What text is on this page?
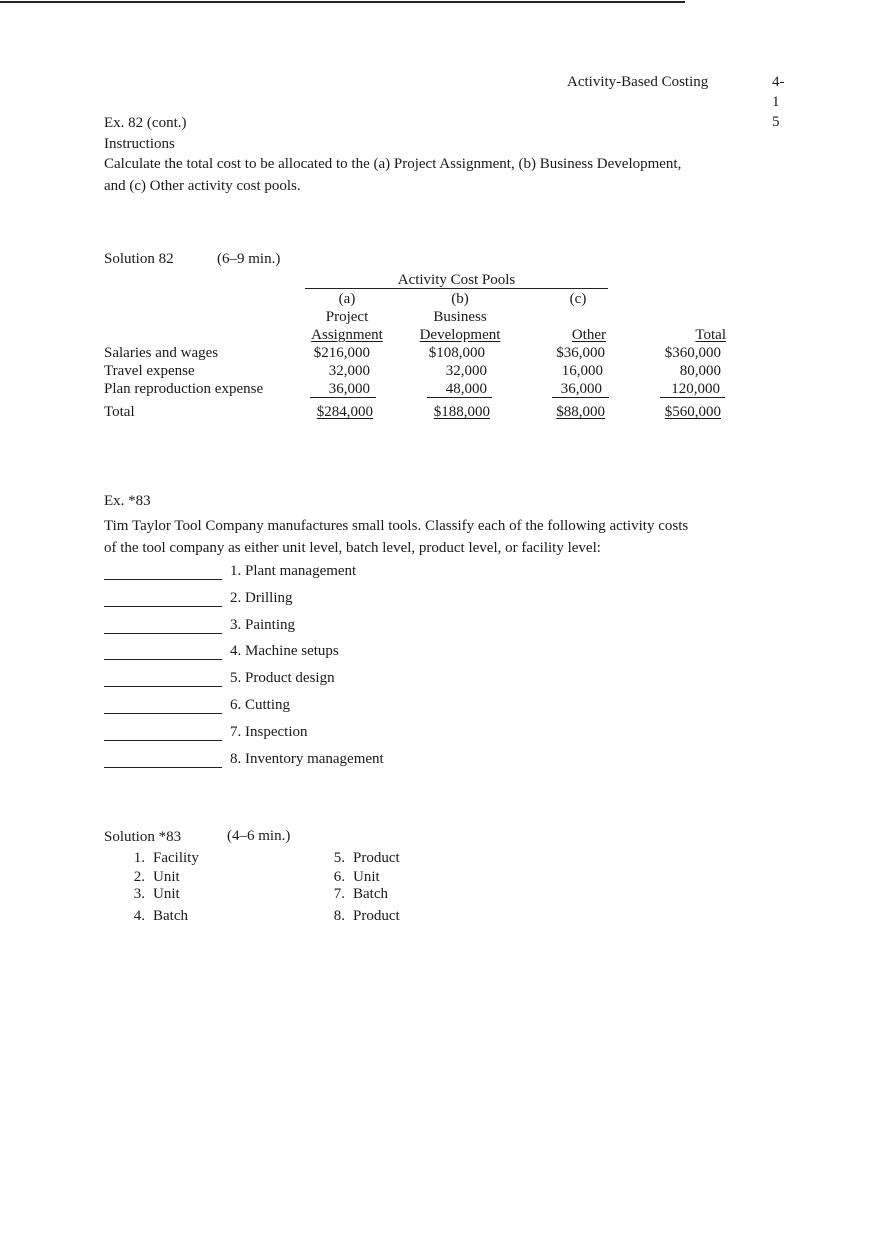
Activity-Based Costing	4-
1
5
Ex. 82 (cont.)
Instructions
Calculate the total cost to be allocated to the (a) Project Assignment, (b) Business Development,
and (c) Other activity cost pools.
Solution 82	(6–9 min.)
Activity Cost Pools
(a)	(b)	(c)
Project	Business
Assignment	Development	Other	Total
Salaries and wages	$216,000	$108,000	$36,000	$360,000
Travel expense	32,000	32,000	16,000	80,000
Plan reproduction expense	36,000	48,000	36,000	120,000
Total	$284,000	$188,000	$88,000	$560,000
Ex. *83
Tim Taylor Tool Company manufactures small tools. Classify each of the following activity costs
of the tool company as either unit level, batch level, product level, or facility level:
1. Plant management
2. Drilling
3. Painting
4. Machine setups
5. Product design
6. Cutting
7. Inspection
8. Inventory management
Solution *83	(4–6 min.)
1. Facility
2. Unit
3. Unit
4. Batch
5. Product
6. Unit
7. Batch
8. Product
